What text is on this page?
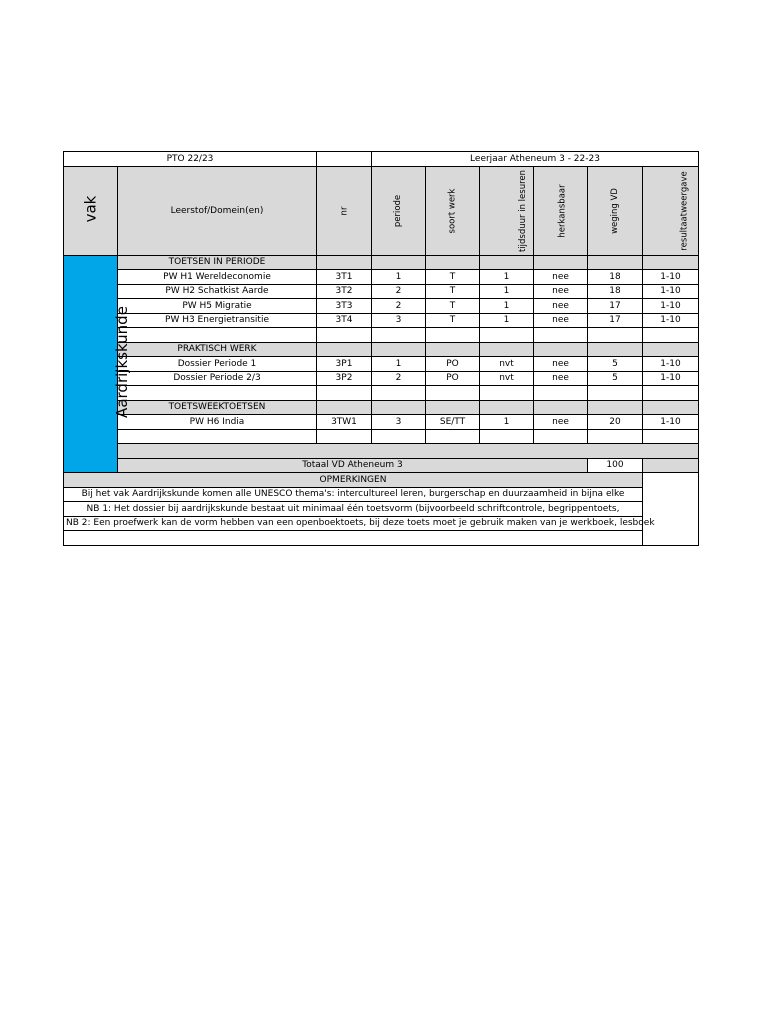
PTO 22/23			Leerjaar Atheneum 3 - 22-23					
vak	Leerstof/Domein(en)	nr	periode	soort werk	tijdsduur in lesuren	herkansbaar	weging VD	resultaatweergave
Aardrijkskunde	TOETSEN IN PERIODE							
	PW H1 Wereldeconomie	3T1	1	T	1	nee	18	1-10
	PW H2 Schatkist Aarde	3T2	2	T	1	nee	18	1-10
	PW H5 Migratie	3T3	2	T	1	nee	17	1-10
	PW H3 Energietransitie	3T4	3	T	1	nee	17	1-10

	PRAKTISCH WERK							
	Dossier Periode 1	3P1	1	PO	nvt	nee	5	1-10
	Dossier Periode 2/3	3P2	2	PO	nvt	nee	5	1-10

	TOETSWEEKTOETSEN							
	PW H6 India	3TW1	3	SE/TT	1	nee	20	1-10

	Totaal VD Atheneum 3						100	
OPMERKINGEN								
Bij het vak Aardrijkskunde komen alle UNESCO thema's: intercultureel leren, burgerschap en duurzaamheid in bijna elke								
NB 1: Het dossier bij aardrijkskunde bestaat uit minimaal één toetsvorm (bijvoorbeeld schriftcontrole, begrippentoets,								
NB 2: Een proefwerk kan de vorm hebben van een openboektoets, bij deze toets moet je gebruik maken van je werkboek, lesboek								
